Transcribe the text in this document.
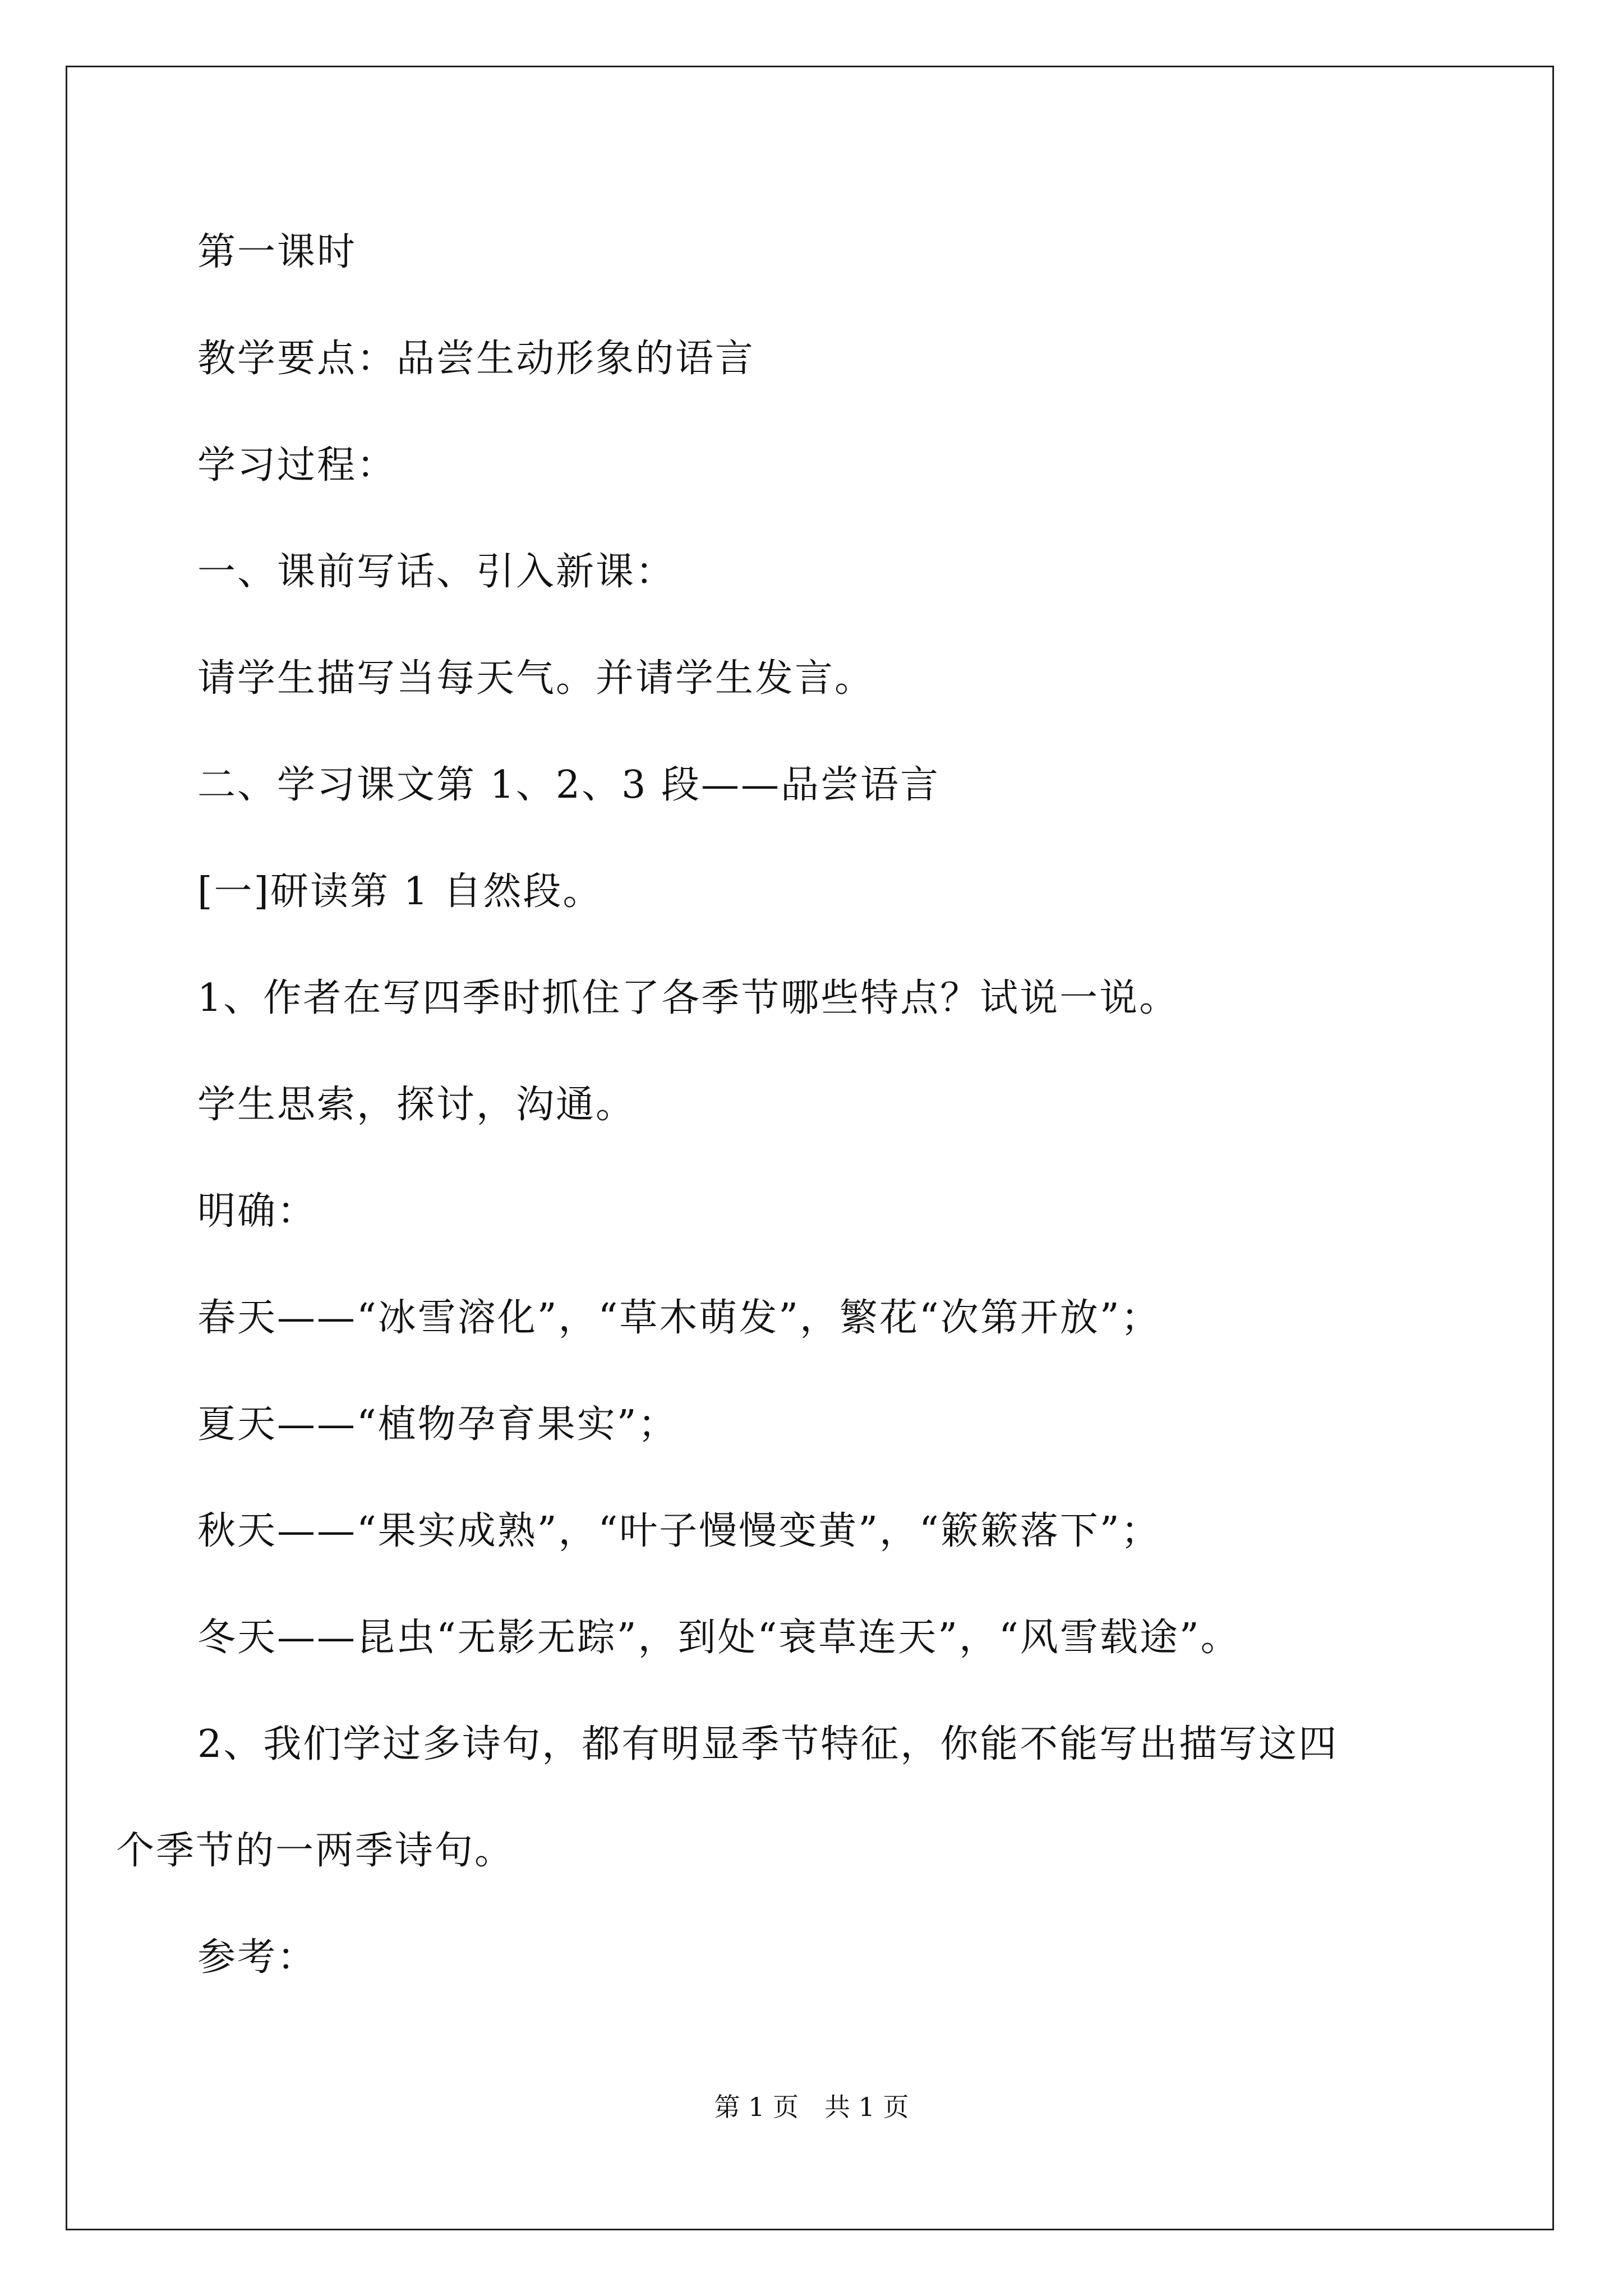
第一课时

教学要点：品尝生动形象的语言

学习过程：

一、课前写话、引入新课：

请学生描写当每天气。并请学生发言。

二、学习课文第 1、2、3 段——品尝语言

[一]研读第 1 自然段。

1、作者在写四季时抓住了各季节哪些特点？试说一说。

学生思索，探讨，沟通。

明确：

春天——“冰雪溶化”，“草木萌发”，繁花“次第开放”；

夏天——“植物孕育果实”；

秋天——“果实成熟”，“叶子慢慢变黄”，“簌簌落下”；

冬天——昆虫“无影无踪”，到处“衰草连天”，“风雪载途”。

2、我们学过多诗句，都有明显季节特征，你能不能写出描写这四个季节的一两季诗句。

参考：

第 1 页　共 1 页
